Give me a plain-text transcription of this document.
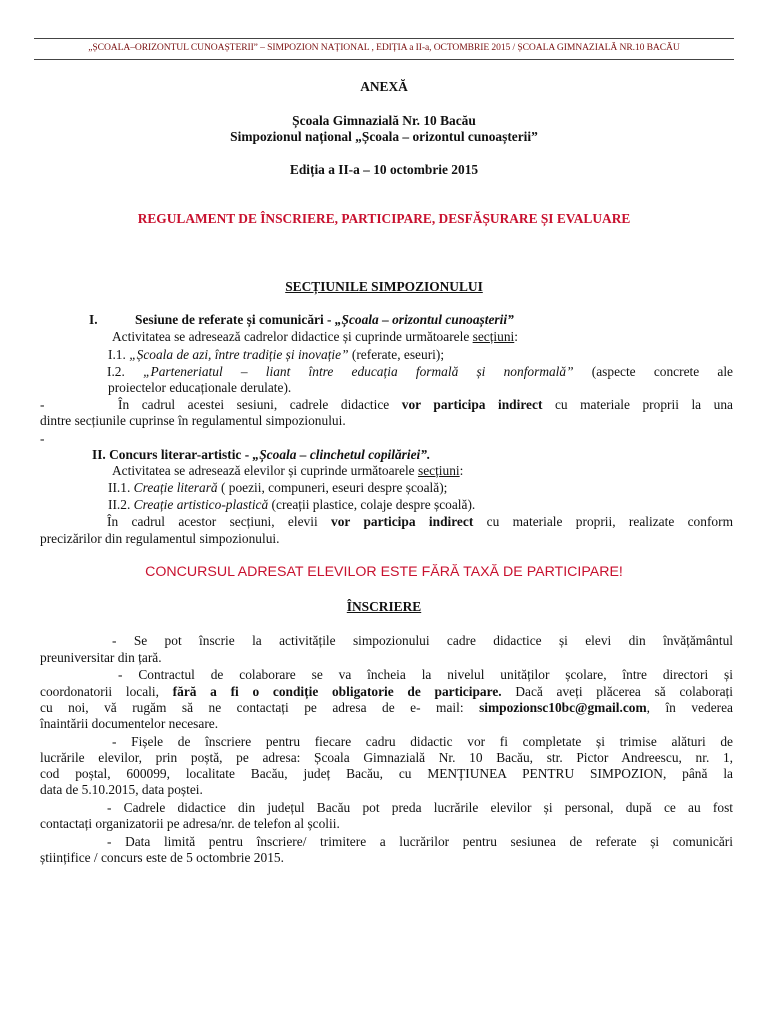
„ȘCOALA–ORIZONTUL CUNOAȘTERII” – SIMPOZION NAȚIONAL , EDIȚIA a II-a, OCTOMBRIE 2015 / ȘCOALA GIMNAZIALĂ NR.10 BACĂU
ANEXĂ
Școala Gimnazială Nr. 10 Bacău
Simpozionul național „Școala – orizontul cunoașterii”
Ediția a II-a – 10 octombrie 2015
REGULAMENT DE ÎNSCRIERE, PARTICIPARE, DESFĂȘURARE ȘI EVALUARE
SECȚIUNILE SIMPOZIONULUI
I.	Sesiune de referate și comunicări - „Școala – orizontul cunoașterii”
Activitatea se adresează cadrelor didactice și cuprinde următoarele secțiuni:
I.1. „Școala de azi, între tradiție și inovație” (referate, eseuri);
I.2. „Parteneriatul – liant între educația formală și nonformală” (aspecte concrete ale
proiectelor educaționale derulate).
-	În cadrul acestei sesiuni, cadrele didactice vor participa indirect cu materiale proprii la una
dintre secțiunile cuprinse în regulamentul simpozionului.
-
II. Concurs literar-artistic - „Școala – clinchetul copilăriei”.
Activitatea se adresează elevilor și cuprinde următoarele secțiuni:
II.1. Creație literară ( poezii, compuneri, eseuri despre școală);
II.2. Creație artistico-plastică (creații plastice, colaje despre școală).
În cadrul acestor secțiuni, elevii vor participa indirect cu materiale proprii, realizate conform
precizărilor din regulamentul simpozionului.
CONCURSUL ADRESAT ELEVILOR ESTE FĂRĂ TAXĂ DE PARTICIPARE!
ÎNSCRIERE
- Se pot înscrie la activitățile simpozionului cadre didactice și elevi din învățământul
preuniversitar din țară.
- Contractul de colaborare se va încheia la nivelul unităților școlare, între directori și
coordonatorii locali, fără a fi o condiție obligatorie de participare. Dacă aveți plăcerea să colaborați
cu noi, vă rugăm să ne contactați pe adresa de e- mail: simpozionsc10bc@gmail.com, în vederea
înaintării documentelor necesare.
- Fișele de înscriere pentru fiecare cadru didactic vor fi completate și trimise alături de
lucrările elevilor, prin poștă, pe adresa: Școala Gimnazială Nr. 10 Bacău, str. Pictor Andreescu, nr. 1,
cod poștal, 600099, localitate Bacău, județ Bacău, cu MENȚIUNEA PENTRU SIMPOZION, până la
data de 5.10.2015, data poștei.
- Cadrele didactice din județul Bacău pot preda lucrările elevilor și personal, după ce au fost
contactați organizatorii pe adresa/nr. de telefon al școlii.
- Data limită pentru înscriere/ trimitere a lucrărilor pentru sesiunea de referate și comunicări
științifice / concurs este de 5 octombrie 2015.
